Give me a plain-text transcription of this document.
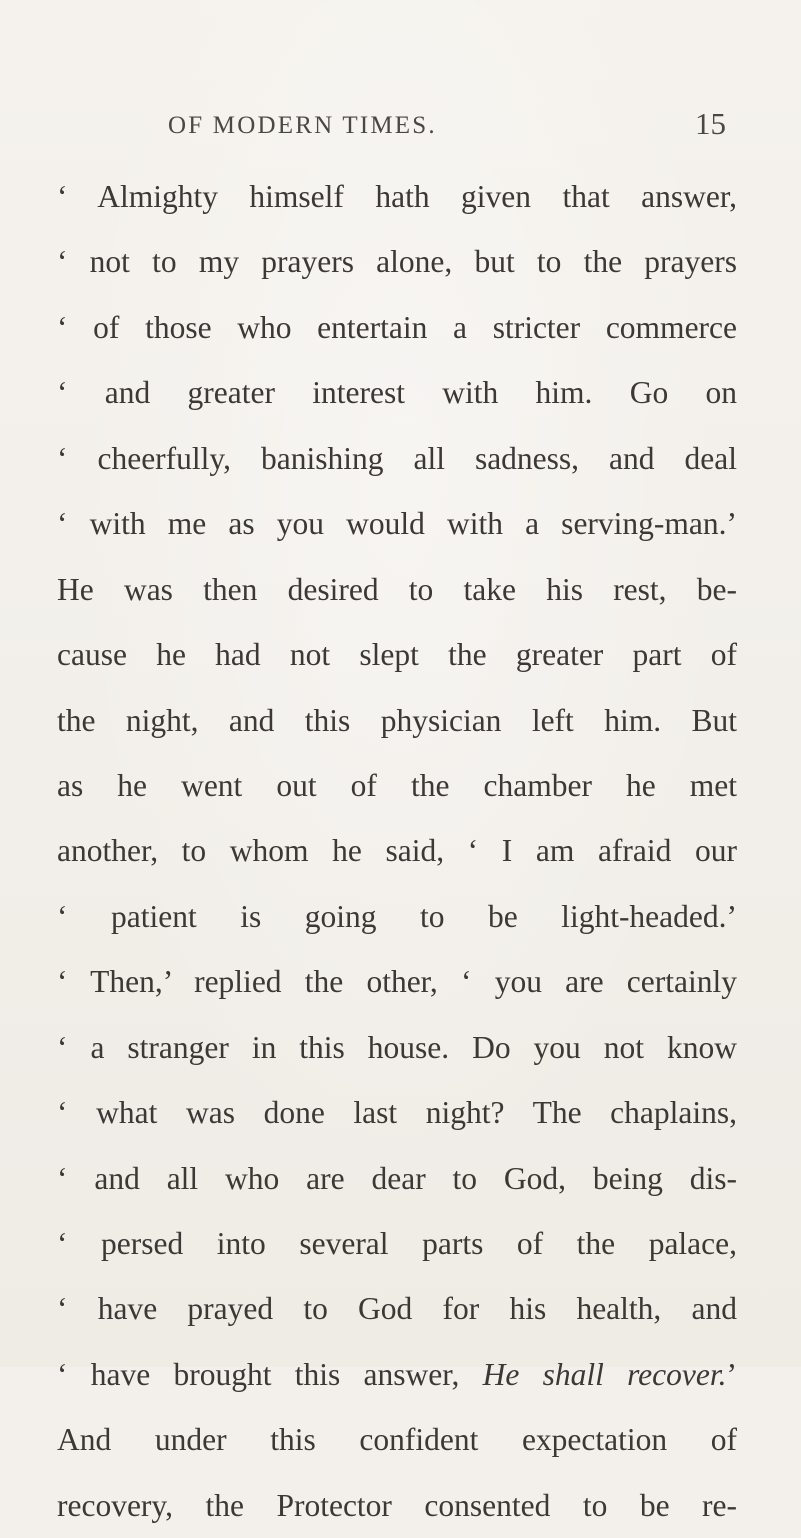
OF MODERN TIMES.	15
‘ Almighty himself hath given that answer,
‘ not to my prayers alone, but to the prayers
‘ of those who entertain a stricter commerce
‘ and greater interest with him. Go on
‘ cheerfully, banishing all sadness, and deal
‘ with me as you would with a serving-man.’
He was then desired to take his rest, be-
cause he had not slept the greater part of
the night, and this physician left him. But
as he went out of the chamber he met
another, to whom he said, ‘ I am afraid our
‘ patient is going to be light-headed.’
‘ Then,’ replied the other, ‘ you are certainly
‘ a stranger in this house. Do you not know
‘ what was done last night? The chaplains,
‘ and all who are dear to God, being dis-
‘ persed into several parts of the palace,
‘ have prayed to God for his health, and
‘ have brought this answer, He shall recover.’
And under this confident expectation of
recovery, the Protector consented to be re-
